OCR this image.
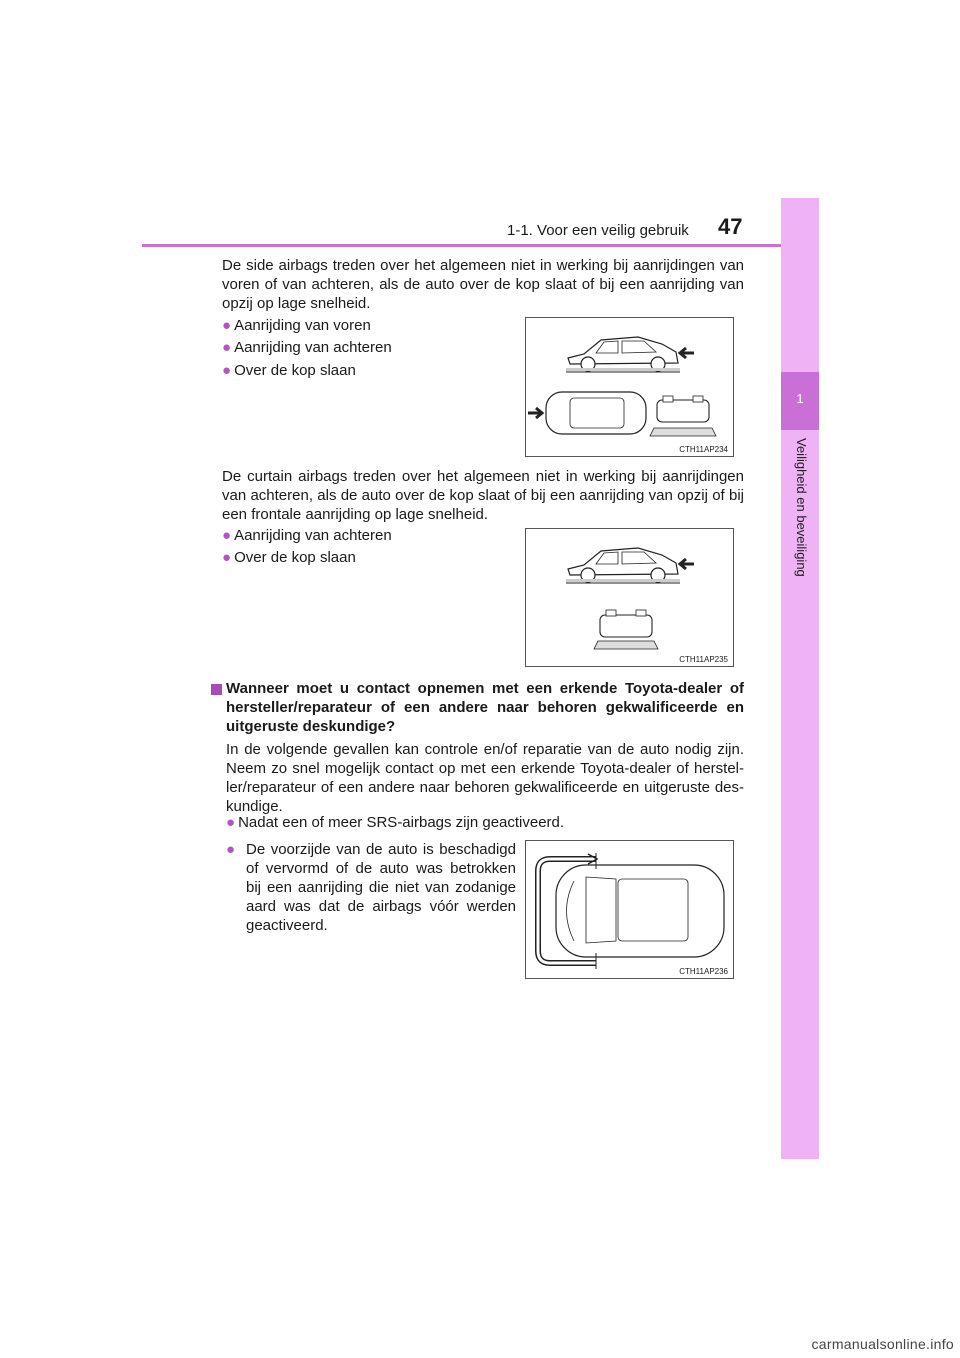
1-1. Voor een veilig gebruik 47
1
Veiligheid en beveiliging
De side airbags treden over het algemeen niet in werking bij aanrijdingen van voren of van achteren, als de auto over de kop slaat of bij een aanrijding van opzij op lage snelheid.
● Aanrijding van voren
● Aanrijding van achteren
● Over de kop slaan
CTH11AP234
De curtain airbags treden over het algemeen niet in werking bij aanrijdingen van achteren, als de auto over de kop slaat of bij een aanrijding van opzij of bij een frontale aanrijding op lage snelheid.
● Aanrijding van achteren
● Over de kop slaan
CTH11AP235
Wanneer moet u contact opnemen met een erkende Toyota-dealer of hersteller/reparateur of een andere naar behoren gekwalificeerde en uitgeruste deskundige?
In de volgende gevallen kan controle en/of reparatie van de auto nodig zijn. Neem zo snel mogelijk contact op met een erkende Toyota-dealer of hersteller/reparateur of een andere naar behoren gekwalificeerde en uitgeruste deskundige.
● Nadat een of meer SRS-airbags zijn geactiveerd.
● De voorzijde van de auto is beschadigd of vervormd of de auto was betrokken bij een aanrijding die niet van zodanige aard was dat de airbags vóór werden geactiveerd.
CTH11AP236
carmanualsonline.info
